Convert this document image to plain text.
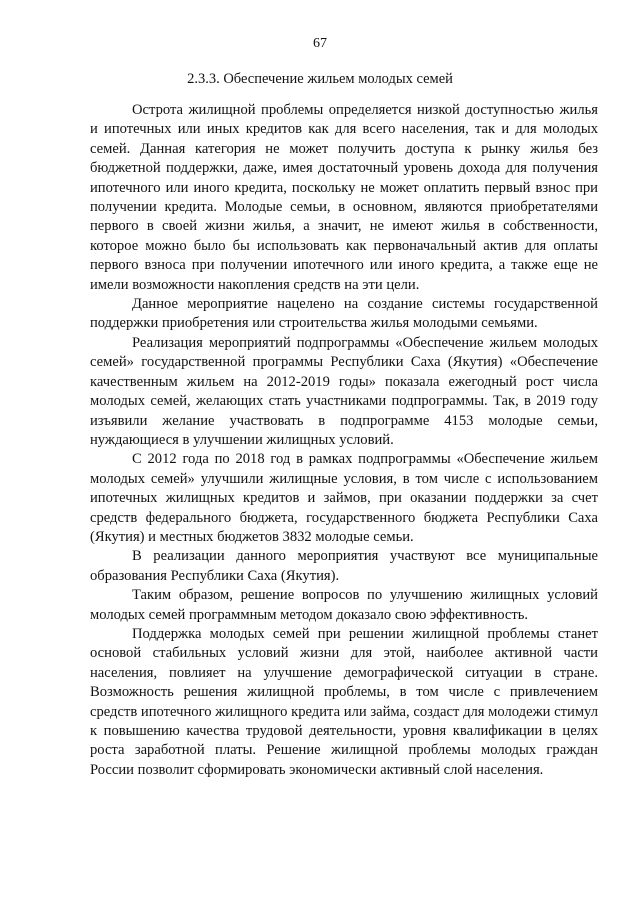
67
2.3.3. Обеспечение жильем молодых семей

Острота жилищной проблемы определяется низкой доступностью жилья и ипотечных или иных кредитов как для всего населения, так и для молодых семей. Данная категория не может получить доступа к рынку жилья без бюджетной поддержки, даже, имея достаточный уровень дохода для получения ипотечного или иного кредита, поскольку не может оплатить первый взнос при получении кредита. Молодые семьи, в основном, являются приобретателями первого в своей жизни жилья, а значит, не имеют жилья в собственности, которое можно было бы использовать как первоначальный актив для оплаты первого взноса при получении ипотечного или иного кредита, а также еще не имели возможности накопления средств на эти цели.

Данное мероприятие нацелено на создание системы государственной поддержки приобретения или строительства жилья молодыми семьями.

Реализация мероприятий подпрограммы «Обеспечение жильем молодых семей» государственной программы Республики Саха (Якутия) «Обеспечение качественным жильем на 2012-2019 годы» показала ежегодный рост числа молодых семей, желающих стать участниками подпрограммы. Так, в 2019 году изъявили желание участвовать в подпрограмме 4153 молодые семьи, нуждающиеся в улучшении жилищных условий.

С 2012 года по 2018 год в рамках подпрограммы «Обеспечение жильем молодых семей» улучшили жилищные условия, в том числе с использованием ипотечных жилищных кредитов и займов, при оказании поддержки за счет средств федерального бюджета, государственного бюджета Республики Саха (Якутия) и местных бюджетов 3832 молодые семьи.

В реализации данного мероприятия участвуют все муниципальные образования Республики Саха (Якутия).

Таким образом, решение вопросов по улучшению жилищных условий молодых семей программным методом доказало свою эффективность.

Поддержка молодых семей при решении жилищной проблемы станет основой стабильных условий жизни для этой, наиболее активной части населения, повлияет на улучшение демографической ситуации в стране. Возможность решения жилищной проблемы, в том числе с привлечением средств ипотечного жилищного кредита или займа, создаст для молодежи стимул к повышению качества трудовой деятельности, уровня квалификации в целях роста заработной платы. Решение жилищной проблемы молодых граждан России позволит сформировать экономически активный слой населения.
